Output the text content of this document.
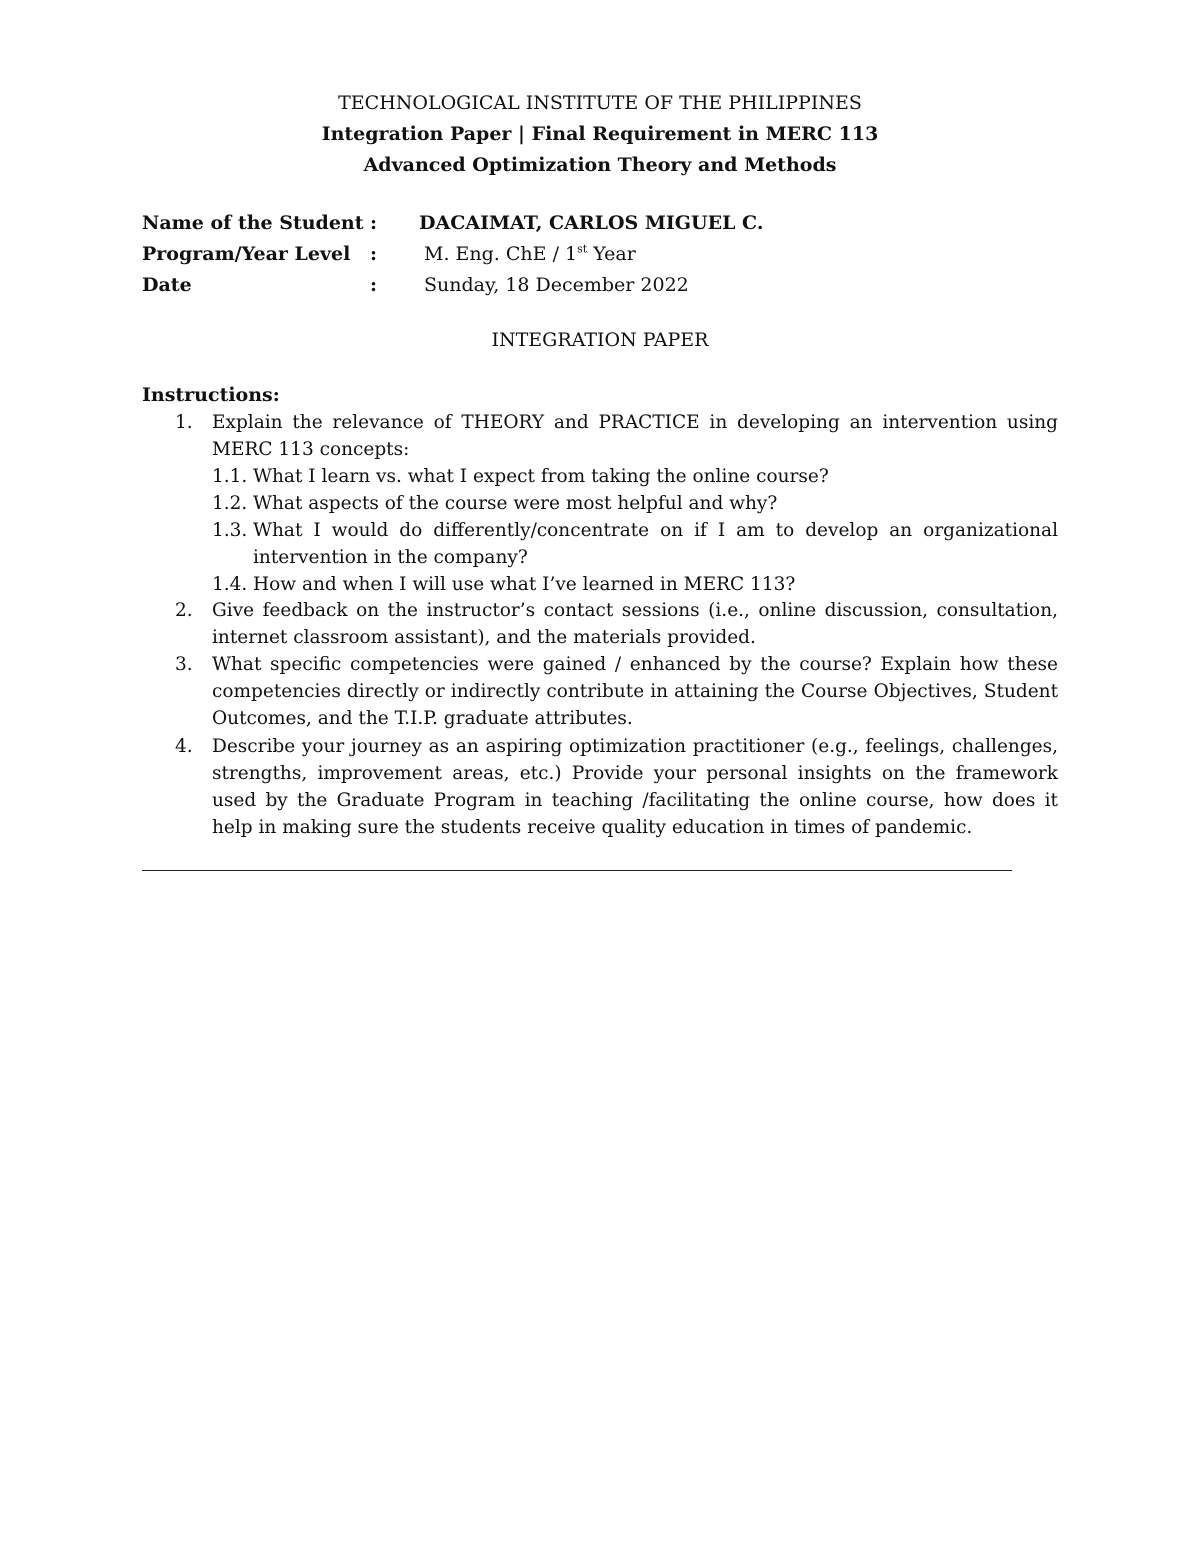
TECHNOLOGICAL INSTITUTE OF THE PHILIPPINES
Integration Paper | Final Requirement in MERC 113
Advanced Optimization Theory and Methods
Name of the Student : DACAIMAT, CARLOS MIGUEL C.
Program/Year Level : M. Eng. ChE / 1st Year
Date	: Sunday, 18 December 2022
INTEGRATION PAPER
Instructions:
1. Explain the relevance of THEORY and PRACTICE in developing an intervention using MERC 113 concepts:
1.1. What I learn vs. what I expect from taking the online course?
1.2. What aspects of the course were most helpful and why?
1.3. What I would do differently/concentrate on if I am to develop an organizational intervention in the company?
1.4. How and when I will use what I’ve learned in MERC 113?
2. Give feedback on the instructor’s contact sessions (i.e., online discussion, consultation, internet classroom assistant), and the materials provided.
3. What specific competencies were gained / enhanced by the course? Explain how these competencies directly or indirectly contribute in attaining the Course Objectives, Student Outcomes, and the T.I.P. graduate attributes.
4. Describe your journey as an aspiring optimization practitioner (e.g., feelings, challenges, strengths, improvement areas, etc.) Provide your personal insights on the framework used by the Graduate Program in teaching /facilitating the online course, how does it help in making sure the students receive quality education in times of pandemic.
